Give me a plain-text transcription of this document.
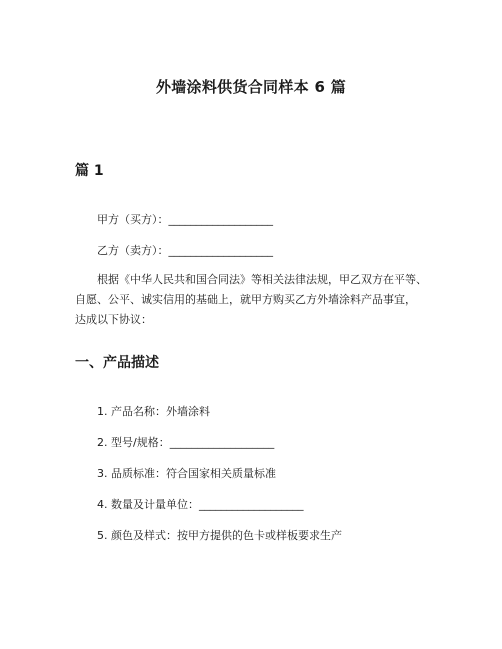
外墙涂料供货合同样本 6 篇
篇 1
甲方（买方）：___________________
乙方（卖方）：___________________
根据《中华人民共和国合同法》等相关法律法规，甲乙双方在平等、
自愿、公平、诚实信用的基础上，就甲方购买乙方外墙涂料产品事宜，
达成以下协议：
一、产品描述
1. 产品名称：外墙涂料
2. 型号/规格：___________________
3. 品质标准：符合国家相关质量标准
4. 数量及计量单位：___________________
5. 颜色及样式：按甲方提供的色卡或样板要求生产
